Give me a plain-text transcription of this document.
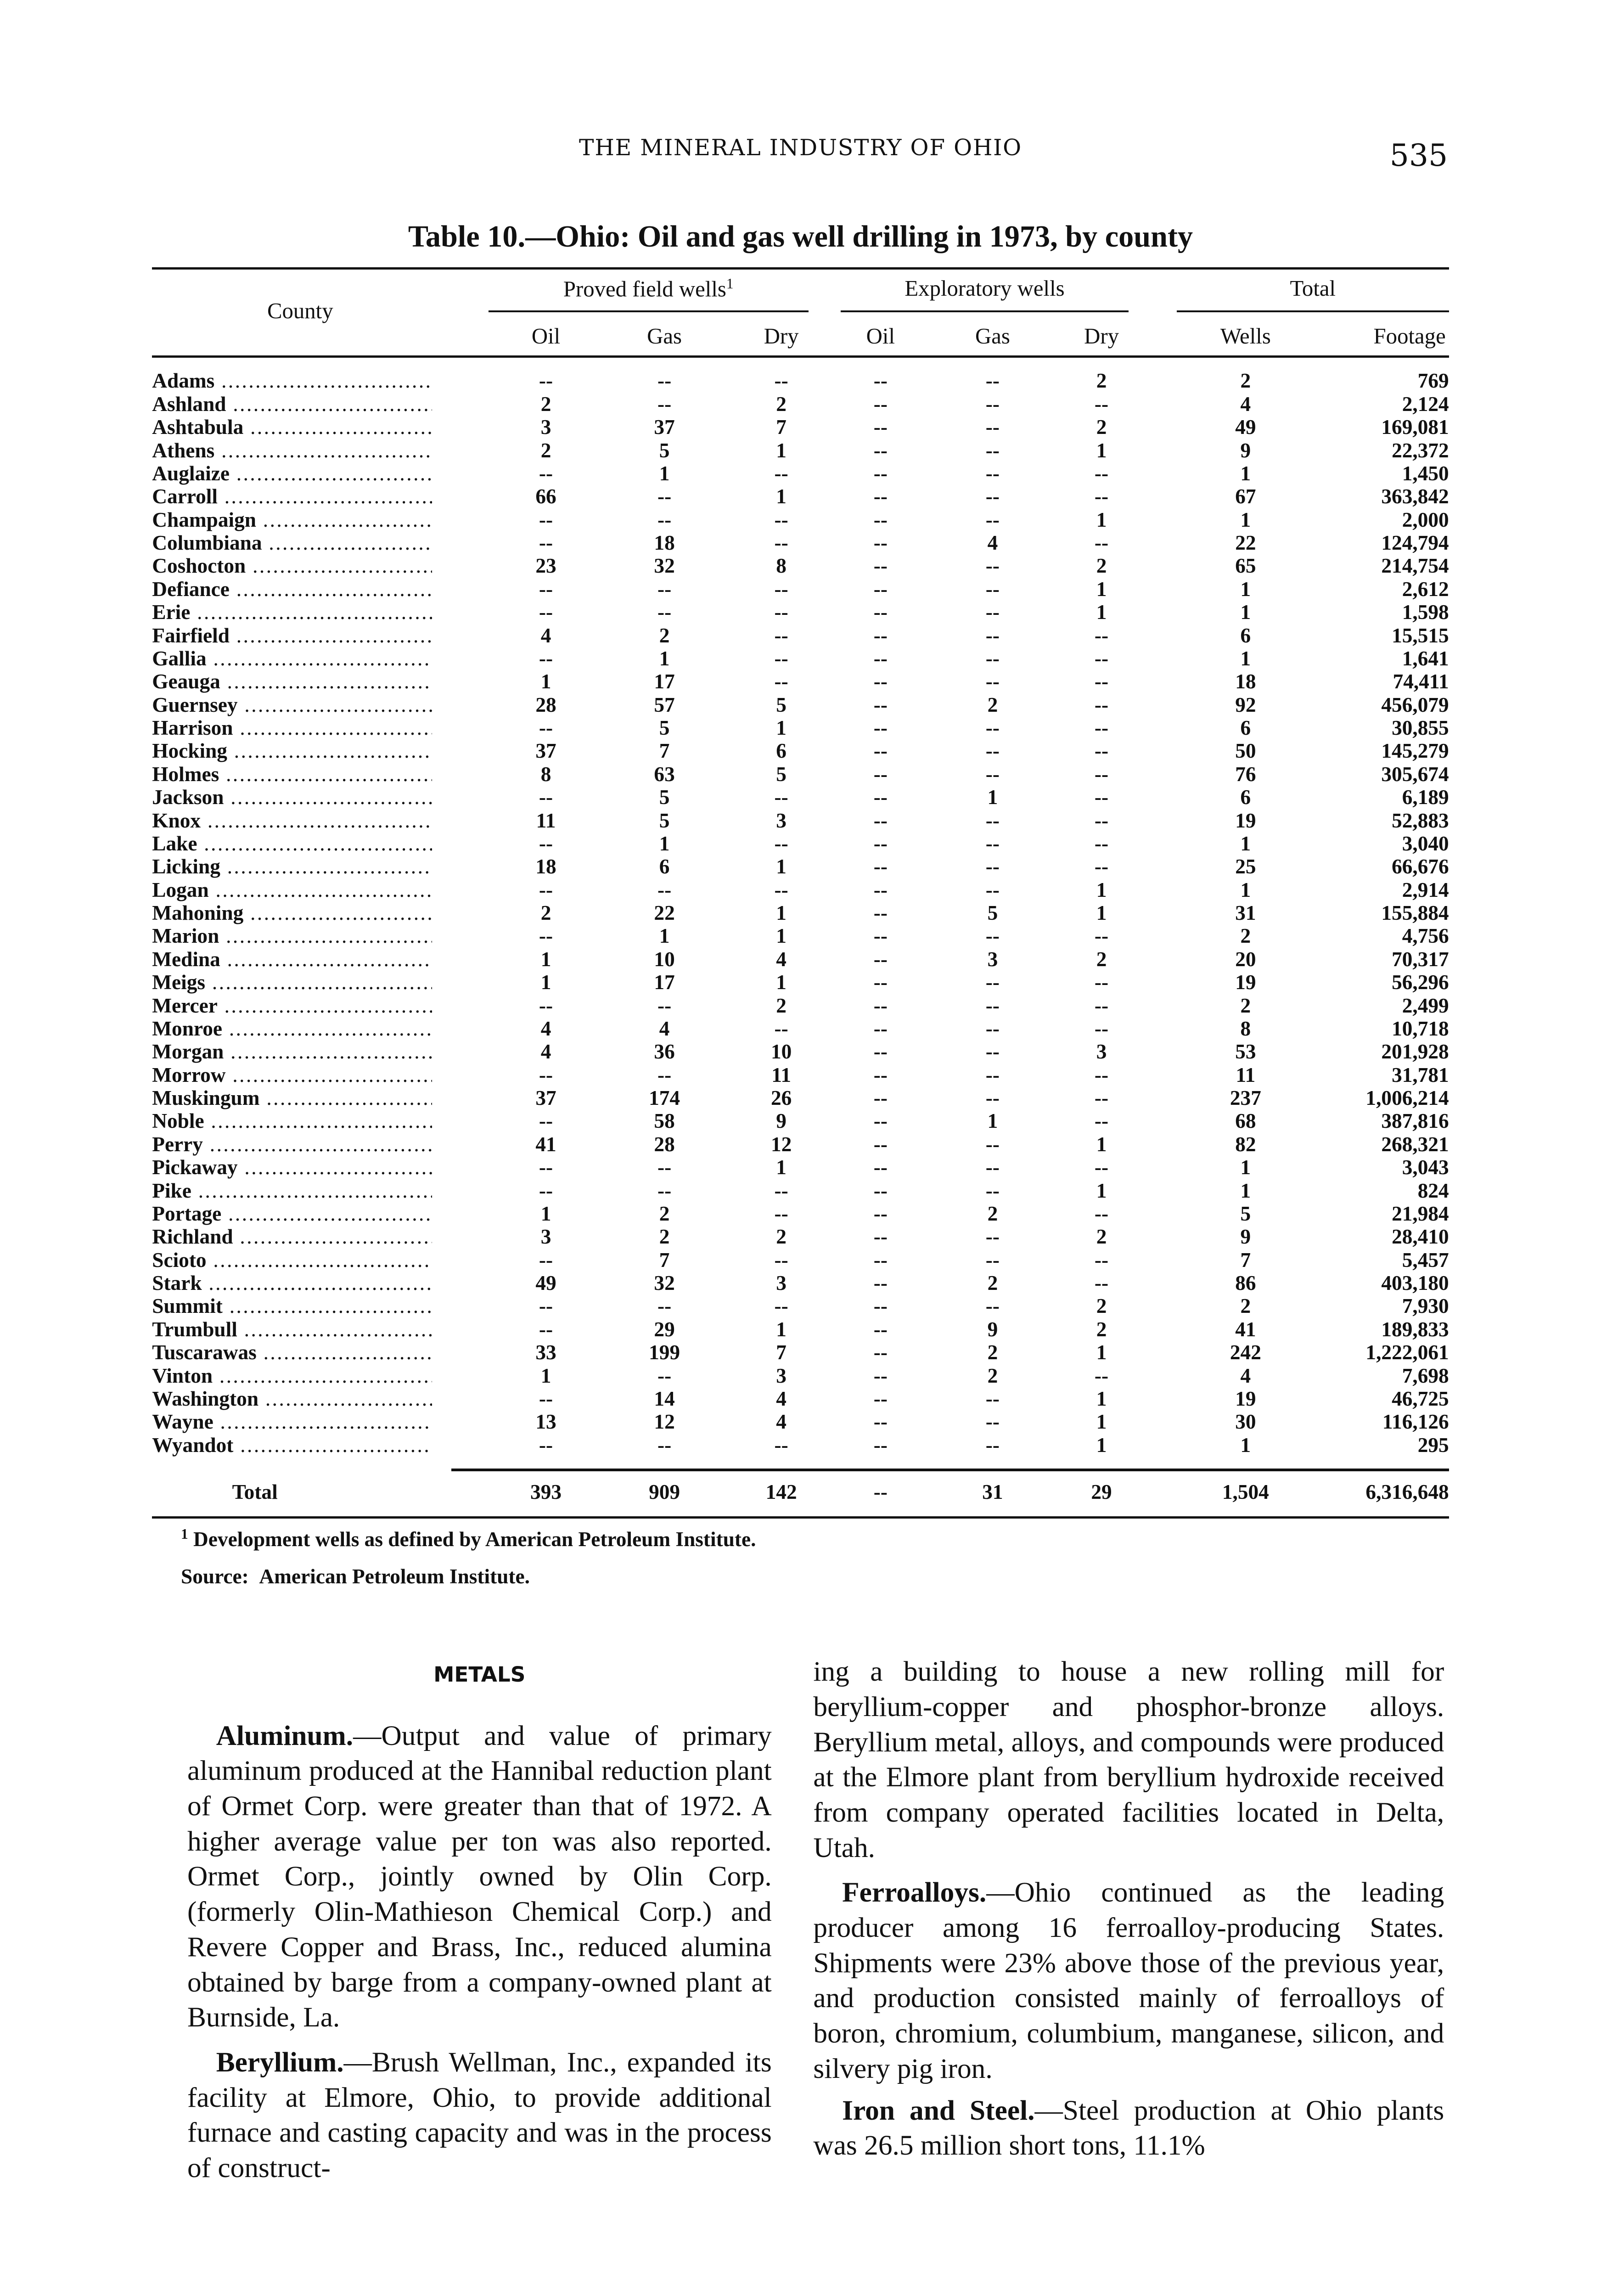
THE MINERAL INDUSTRY OF OHIO	535
Table 10.—Ohio: Oil and gas well drilling in 1973, by county
County
Proved field wells$^1$	Exploratory wells	Total
Oil	Gas	Dry	Oil	Gas	Dry	Wells	Footage
Adams .....	--	--	--	--	--	2	2	769
Ashland .....	2	--	2	--	--	--	4	2,124
Ashtabula .....	3	37	7	--	--	2	49	169,081
Athens .....	2	5	1	--	--	1	9	22,372
Auglaize .....	--	1	--	--	--	--	1	1,450
Carroll .....	66	--	1	--	--	--	67	363,842
Champaign .....	--	--	--	--	--	1	1	2,000
Columbiana .....	--	18	--	--	4	--	22	124,794
Coshocton .....	23	32	8	--	--	2	65	214,754
Defiance .....	--	--	--	--	--	1	1	2,612
Erie .....	--	--	--	--	--	1	1	1,598
Fairfield .....	4	2	--	--	--	--	6	15,515
Gallia .....	--	1	--	--	--	--	1	1,641
Geauga .....	1	17	--	--	--	--	18	74,411
Guernsey .....	28	57	5	--	2	--	92	456,079
Harrison .....	--	5	1	--	--	--	6	30,855
Hocking .....	37	7	6	--	--	--	50	145,279
Holmes .....	8	63	5	--	--	--	76	305,674
Jackson .....	--	5	--	--	1	--	6	6,189
Knox .....	11	5	3	--	--	--	19	52,883
Lake .....	--	1	--	--	--	--	1	3,040
Licking .....	18	6	1	--	--	--	25	66,676
Logan .....	--	--	--	--	--	1	1	2,914
Mahoning .....	2	22	1	--	5	1	31	155,884
Marion .....	--	1	1	--	--	--	2	4,756
Medina .....	1	10	4	--	3	2	20	70,317
Meigs .....	1	17	1	--	--	--	19	56,296
Mercer .....	--	--	2	--	--	--	2	2,499
Monroe .....	4	4	--	--	--	--	8	10,718
Morgan .....	4	36	10	--	--	3	53	201,928
Morrow .....	--	--	11	--	--	--	11	31,781
Muskingum .....	37	174	26	--	--	--	237	1,006,214
Noble .....	--	58	9	--	1	--	68	387,816
Perry .....	41	28	12	--	--	1	82	268,321
Pickaway .....	--	--	1	--	--	--	1	3,043
Pike .....	--	--	--	--	--	1	1	824
Portage .....	1	2	--	--	2	--	5	21,984
Richland .....	3	2	2	--	--	2	9	28,410
Scioto .....	--	7	--	--	--	--	7	5,457
Stark .....	49	32	3	--	2	--	86	403,180
Summit .....	--	--	--	--	--	2	2	7,930
Trumbull .....	--	29	1	--	9	2	41	189,833
Tuscarawas .....	33	199	7	--	2	1	242	1,222,061
Vinton .....	1	--	3	--	2	--	4	7,698
Washington .....	--	14	4	--	--	1	19	46,725
Wayne .....	13	12	4	--	--	1	30	116,126
Wyandot .....	--	--	--	--	--	1	1	295
Total	393	909	142	--	31	29	1,504	6,316,648
$^1$ Development wells as defined by American Petroleum Institute.
Source: American Petroleum Institute.
METALS

Aluminum.—Output and value of primary aluminum produced at the Hannibal reduction plant of Ormet Corp. were greater than that of 1972. A higher average value per ton was also reported. Ormet Corp., jointly owned by Olin Corp. (formerly Olin-Mathieson Chemical Corp.) and Revere Copper and Brass, Inc., reduced alumina obtained by barge from a company-owned plant at Burnside, La.

Beryllium.—Brush Wellman, Inc., expanded its facility at Elmore, Ohio, to provide additional furnace and casting capacity and was in the process of construct-

ing a building to house a new rolling mill for beryllium-copper and phosphor-bronze alloys. Beryllium metal, alloys, and compounds were produced at the Elmore plant from beryllium hydroxide received from company operated facilities located in Delta, Utah.

Ferroalloys.—Ohio continued as the leading producer among 16 ferroalloy-producing States. Shipments were 23% above those of the previous year, and production consisted mainly of ferroalloys of boron, chromium, columbium, manganese, silicon, and silvery pig iron.

Iron and Steel.—Steel production at Ohio plants was 26.5 million short tons, 11.1%
